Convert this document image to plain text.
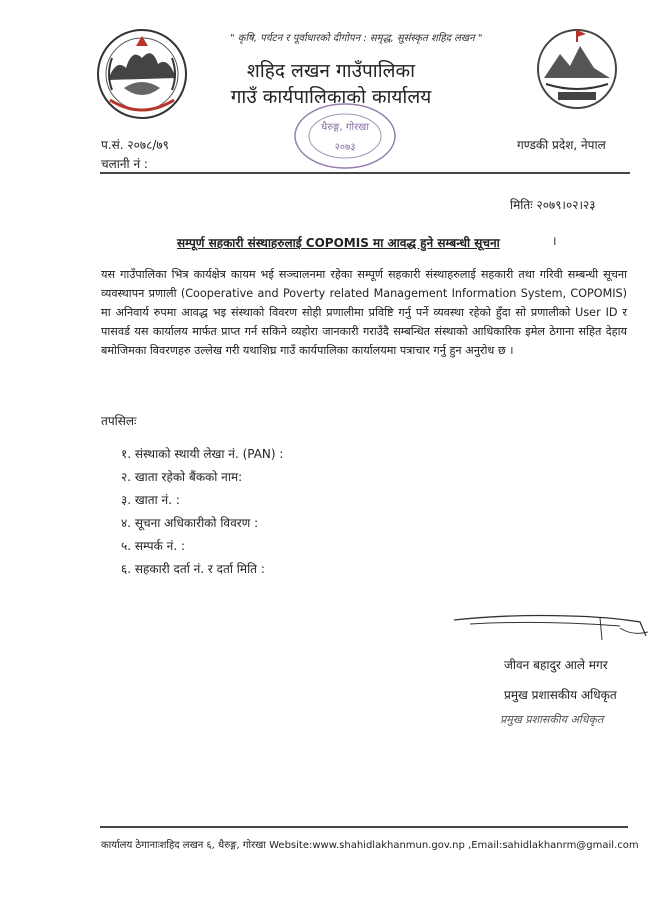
" कृषि, पर्यटन र पूर्वाधारको दीगोपन : समृद्ध, सुसंस्कृत शहिद लखन "
शहिद लखन गाउँपालिका
गाउँ कार्यपालिकाको कार्यालय
धैरुङ्ग, गोरखा
२०७३
प.सं. २०७८/७९
चलानी नं :
गण्डकी प्रदेश, नेपाल
मितिः २०७९।०२।२३
सम्पूर्ण सहकारी संस्थाहरुलाई COPOMIS मा आवद्ध हुने सम्बन्धी सूचना	।
यस गाउँपालिका भित्र कार्यक्षेत्र कायम भई सञ्चालनमा रहेका सम्पूर्ण सहकारी संस्थाहरुलाई सहकारी तथा गरिवी सम्बन्धी सूचना व्यवस्थापन प्रणाली (Cooperative and Poverty related Management Information System, COPOMIS) मा अनिवार्य रुपमा आवद्ध भइ संस्थाको विवरण सोही प्रणालीमा प्रविष्टि गर्नु पर्ने व्यवस्था रहेको हुँदा सो प्रणालीको User ID र पासवर्ड यस कार्यालय मार्फत प्राप्त गर्न सकिने व्यहोरा जानकारी गराउँदै सम्बन्धित संस्थाको आधिकारिक इमेल ठेगाना सहित देहाय बमोजिमका विवरणहरु उल्लेख गरी यथाशिघ्र गाउँ कार्यपालिका कार्यालयमा पत्राचार गर्नु हुन अनुरोध छ ।
तपसिलः
१. संस्थाको स्थायी लेखा नं. (PAN) :
२. खाता रहेको बैंकको नाम:
३. खाता नं. :
४. सूचना अधिकारीको विवरण :
५. सम्पर्क नं. :
६. सहकारी दर्ता नं. र दर्ता मिति :
जीवन बहादुर आले मगर
प्रमुख प्रशासकीय अधिकृत
प्रमुख प्रशासकीय अधिकृत
कार्यालय ठेगानाःशहिद लखन ६, धैरुङ्ग, गोरखा Website:www.shahidlakhanmun.gov.np ,Email:sahidlakhanrm@gmail.com
